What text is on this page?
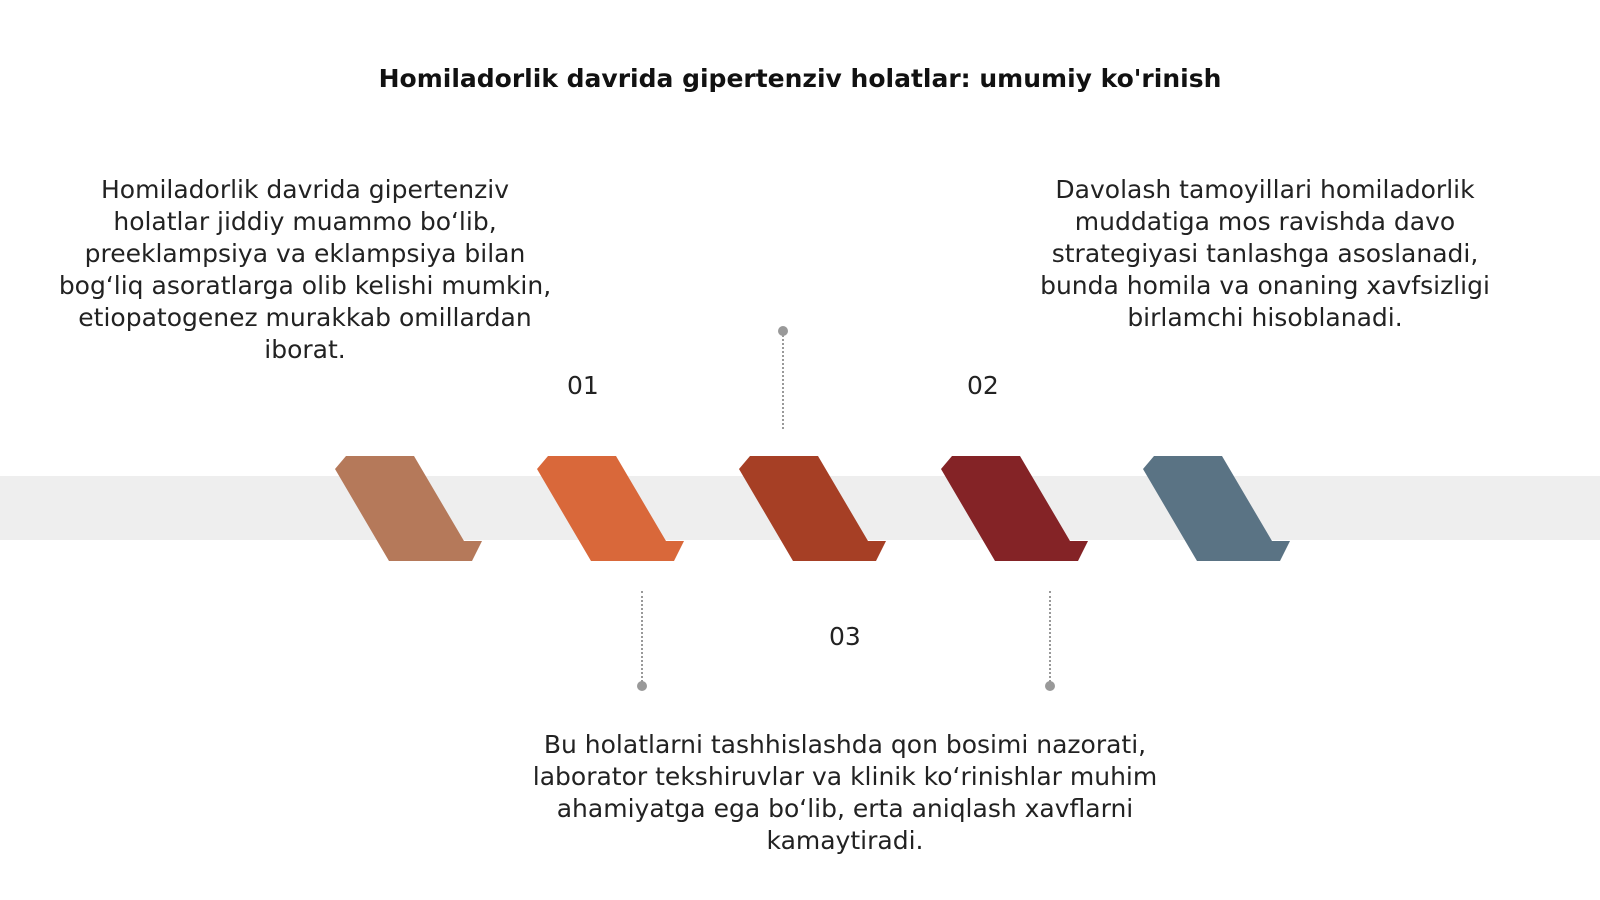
Homiladorlik davrida gipertenziv holatlar: umumiy ko'rinish
Homiladorlik davrida gipertenziv holatlar jiddiy muammo bo‘lib, preeklampsiya va eklampsiya bilan bog‘liq asoratlarga olib kelishi mumkin, etiopatogenez murakkab omillardan iborat.
01
Davolash tamoyillari homiladorlik muddatiga mos ravishda davo strategiyasi tanlashga asoslanadi, bunda homila va onaning xavfsizligi birlamchi hisoblanadi.
02
03
Bu holatlarni tashhislashda qon bosimi nazorati, laborator tekshiruvlar va klinik ko‘rinishlar muhim ahamiyatga ega bo‘lib, erta aniqlash xavflarni kamaytiradi.
